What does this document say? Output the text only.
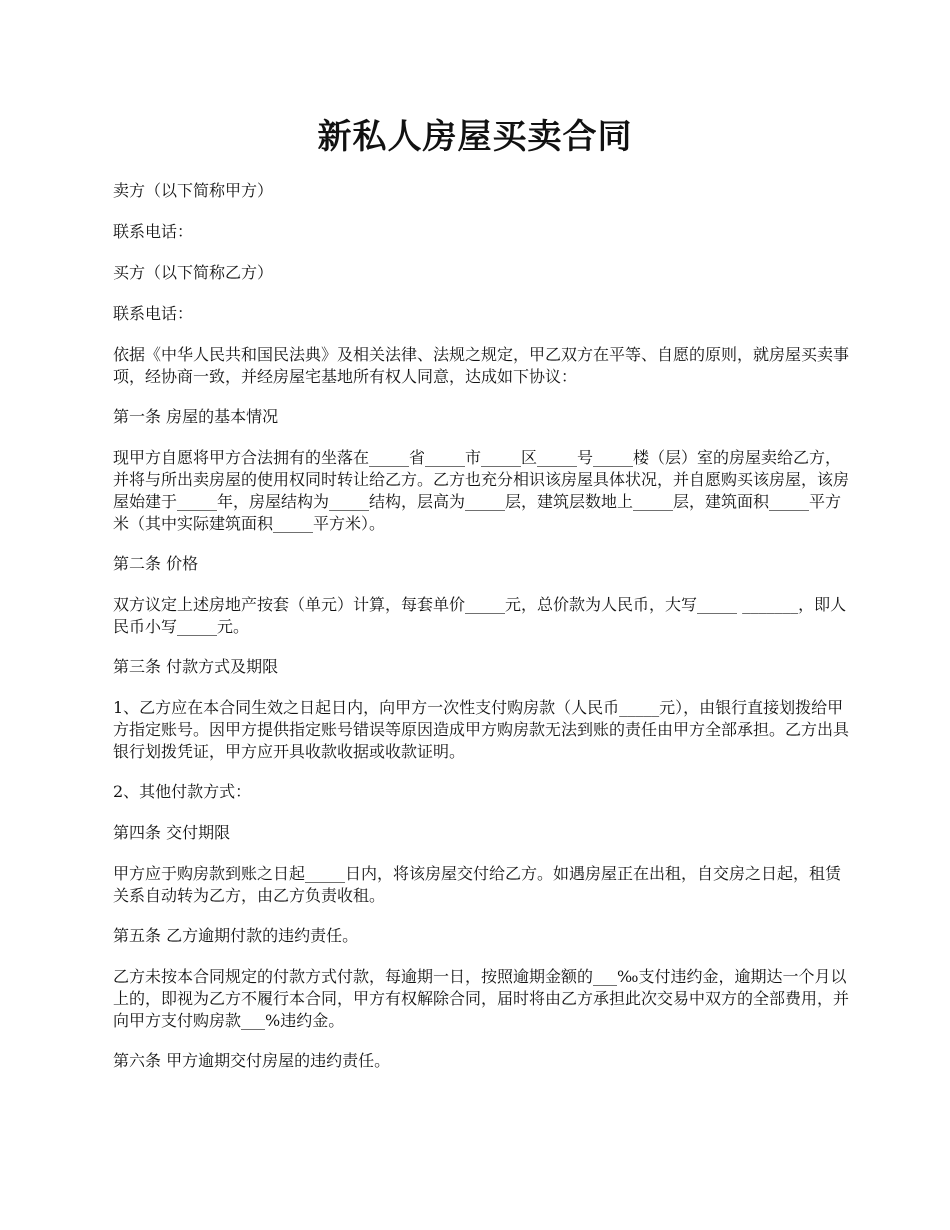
新私人房屋买卖合同

卖方（以下简称甲方）

联系电话：

买方（以下简称乙方）

联系电话：

依据《中华人民共和国民法典》及相关法律、法规之规定，甲乙双方在平等、自愿的原则，就房屋买卖事项，经协商一致，并经房屋宅基地所有权人同意，达成如下协议：

第一条 房屋的基本情况

现甲方自愿将甲方合法拥有的坐落在_____省_____市_____区_____号_____楼（层）室的房屋卖给乙方，并将与所出卖房屋的使用权同时转让给乙方。乙方也充分相识该房屋具体状况，并自愿购买该房屋，该房屋始建于_____年，房屋结构为_____结构，层高为_____层，建筑层数地上_____层，建筑面积_____平方米（其中实际建筑面积_____平方米）。

第二条 价格

双方议定上述房地产按套（单元）计算，每套单价_____元，总价款为人民币，大写_____ _______，即人民币小写_____元。

第三条 付款方式及期限

1、乙方应在本合同生效之日起日内，向甲方一次性支付购房款（人民币_____元），由银行直接划拨给甲方指定账号。因甲方提供指定账号错误等原因造成甲方购房款无法到账的责任由甲方全部承担。乙方出具银行划拨凭证，甲方应开具收款收据或收款证明。

2、其他付款方式：

第四条 交付期限

甲方应于购房款到账之日起_____日内，将该房屋交付给乙方。如遇房屋正在出租，自交房之日起，租赁关系自动转为乙方，由乙方负责收租。

第五条 乙方逾期付款的违约责任。

乙方未按本合同规定的付款方式付款，每逾期一日，按照逾期金额的___‰支付违约金，逾期达一个月以上的，即视为乙方不履行本合同，甲方有权解除合同，届时将由乙方承担此次交易中双方的全部费用，并向甲方支付购房款___%违约金。

第六条 甲方逾期交付房屋的违约责任。
